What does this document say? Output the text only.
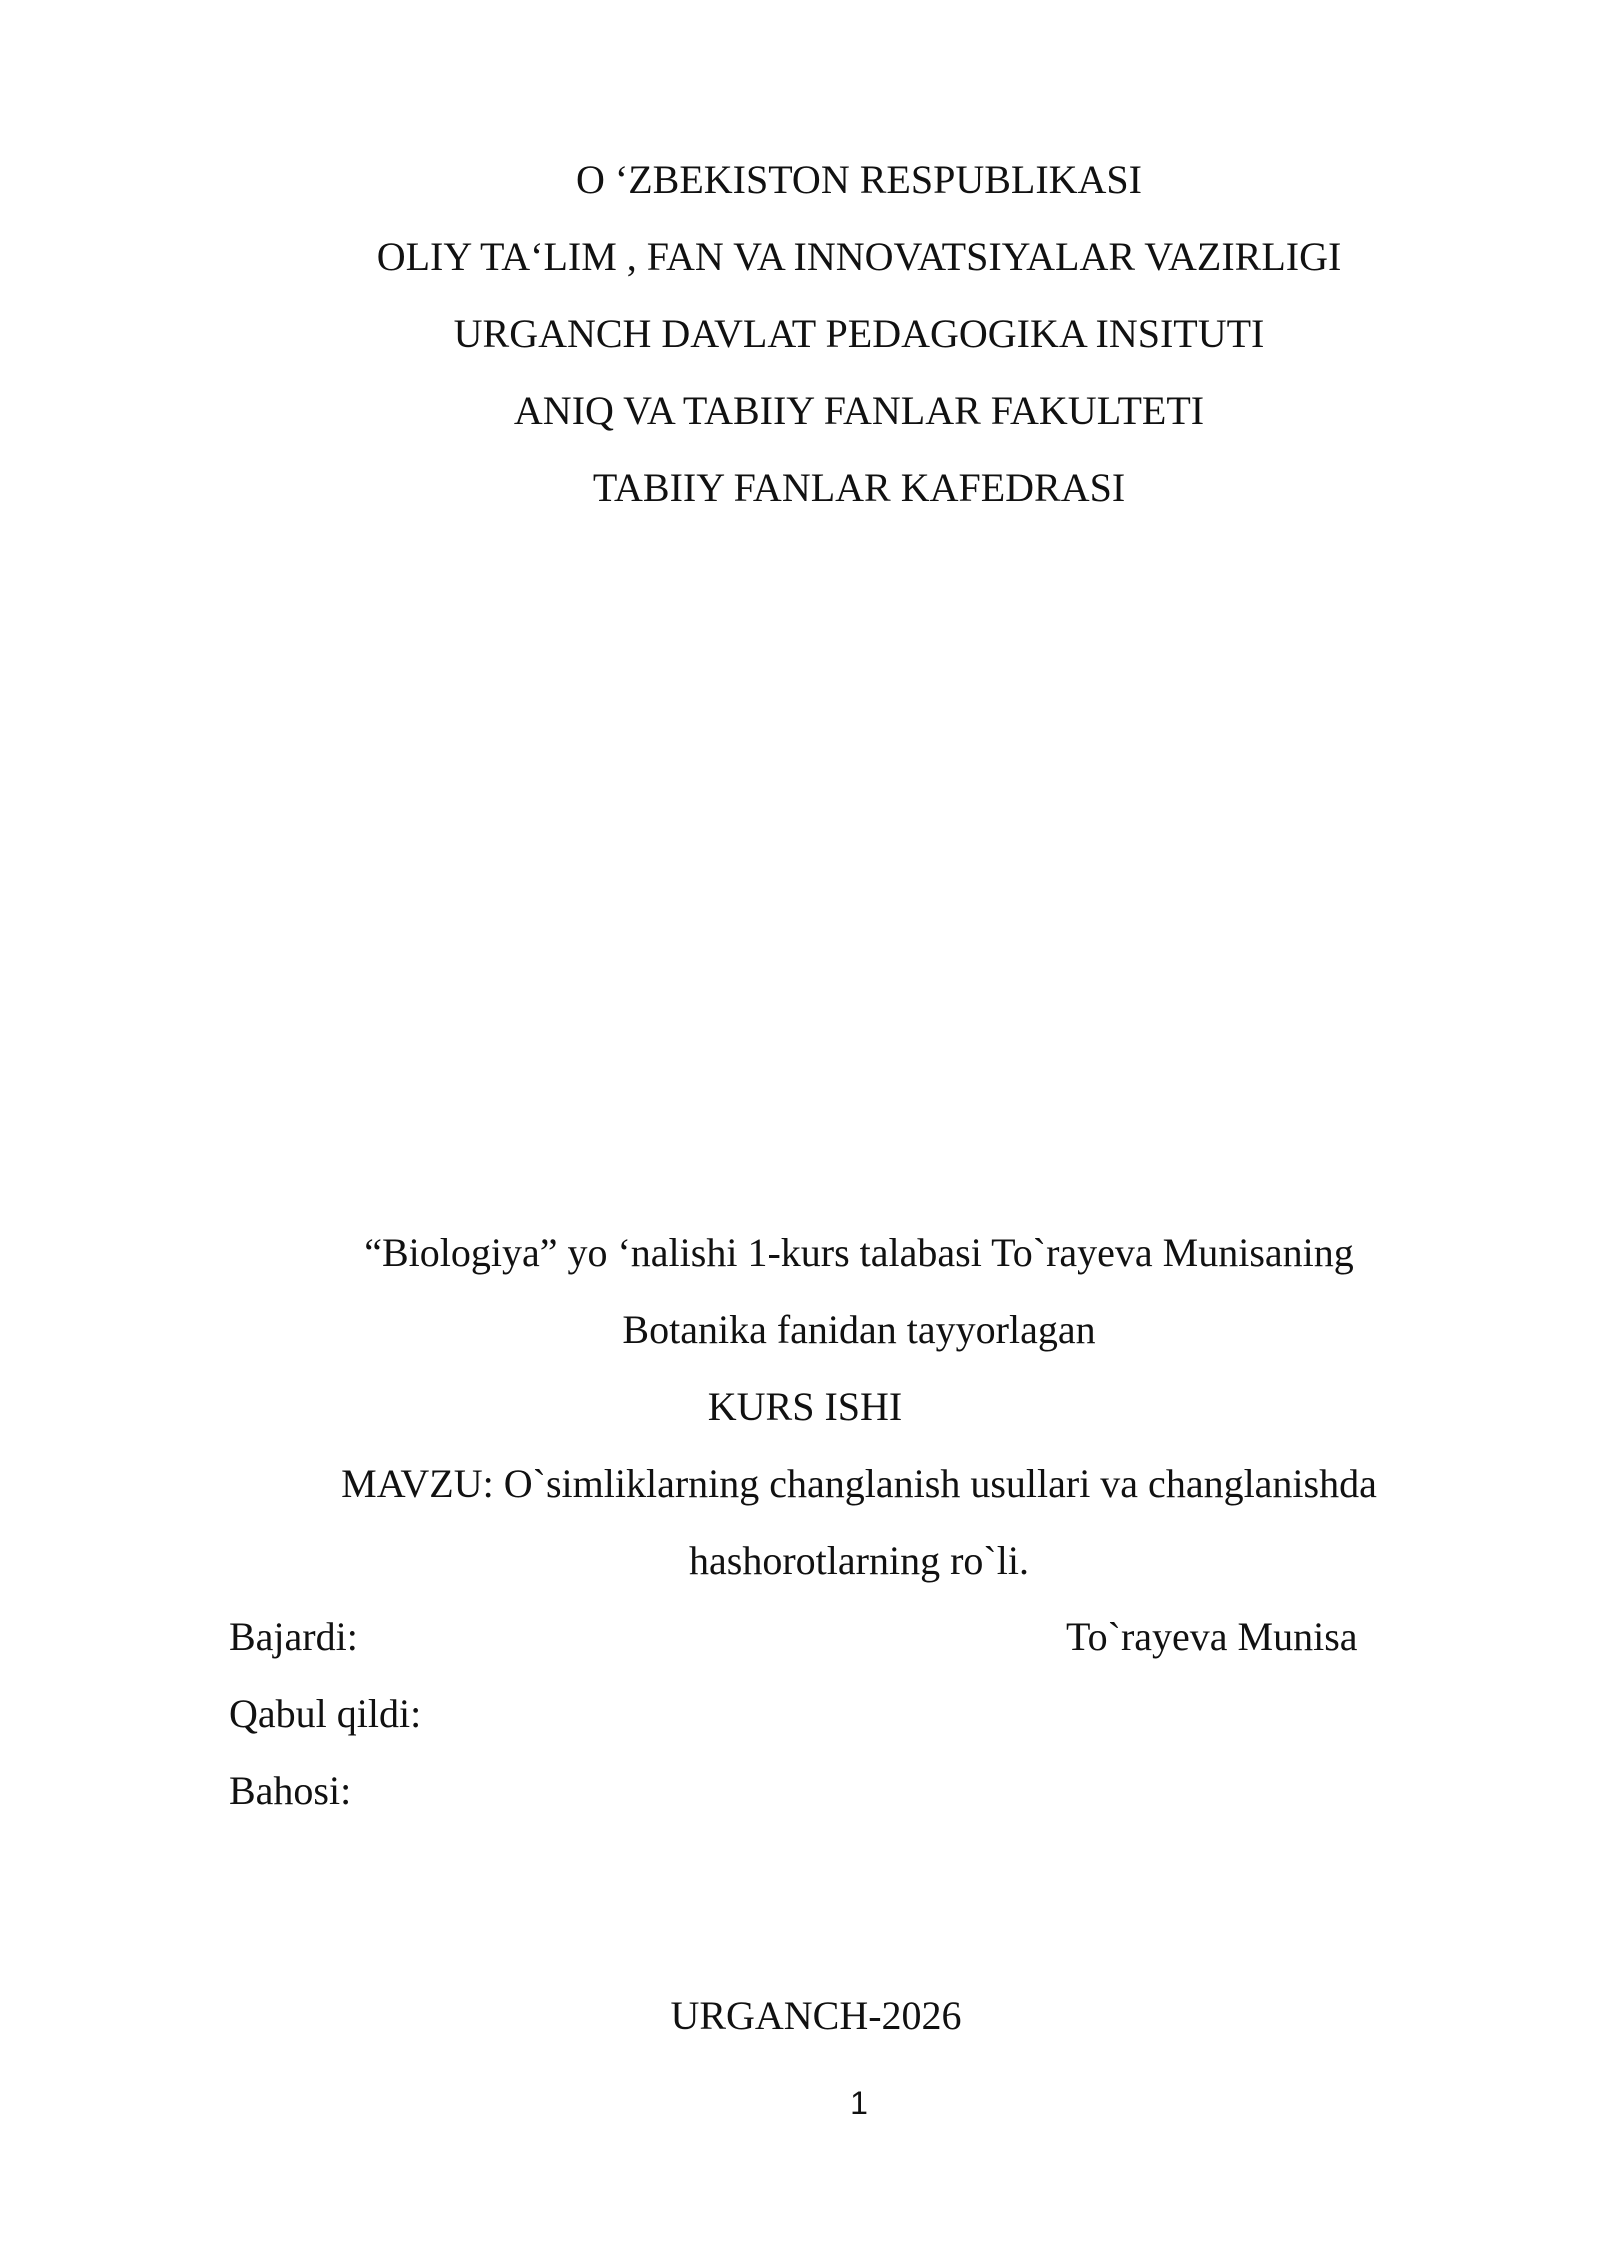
O ‘ZBEKISTON RESPUBLIKASI
OLIY TA‘LIM , FAN VA INNOVATSIYALAR VAZIRLIGI
URGANCH DAVLAT PEDAGOGIKA INSITUTI
ANIQ VA TABIIY FANLAR FAKULTETI
TABIIY FANLAR KAFEDRASI
“Biologiya” yo ‘nalishi 1-kurs talabasi To`rayeva Munisaning
Botanika fanidan tayyorlagan
KURS ISHI
MAVZU: O`simliklarning changlanish usullari va changlanishda
hashorotlarning ro`li.
Bajardi:	To`rayeva Munisa
Qabul qildi:
Bahosi:
URGANCH-2026
1
